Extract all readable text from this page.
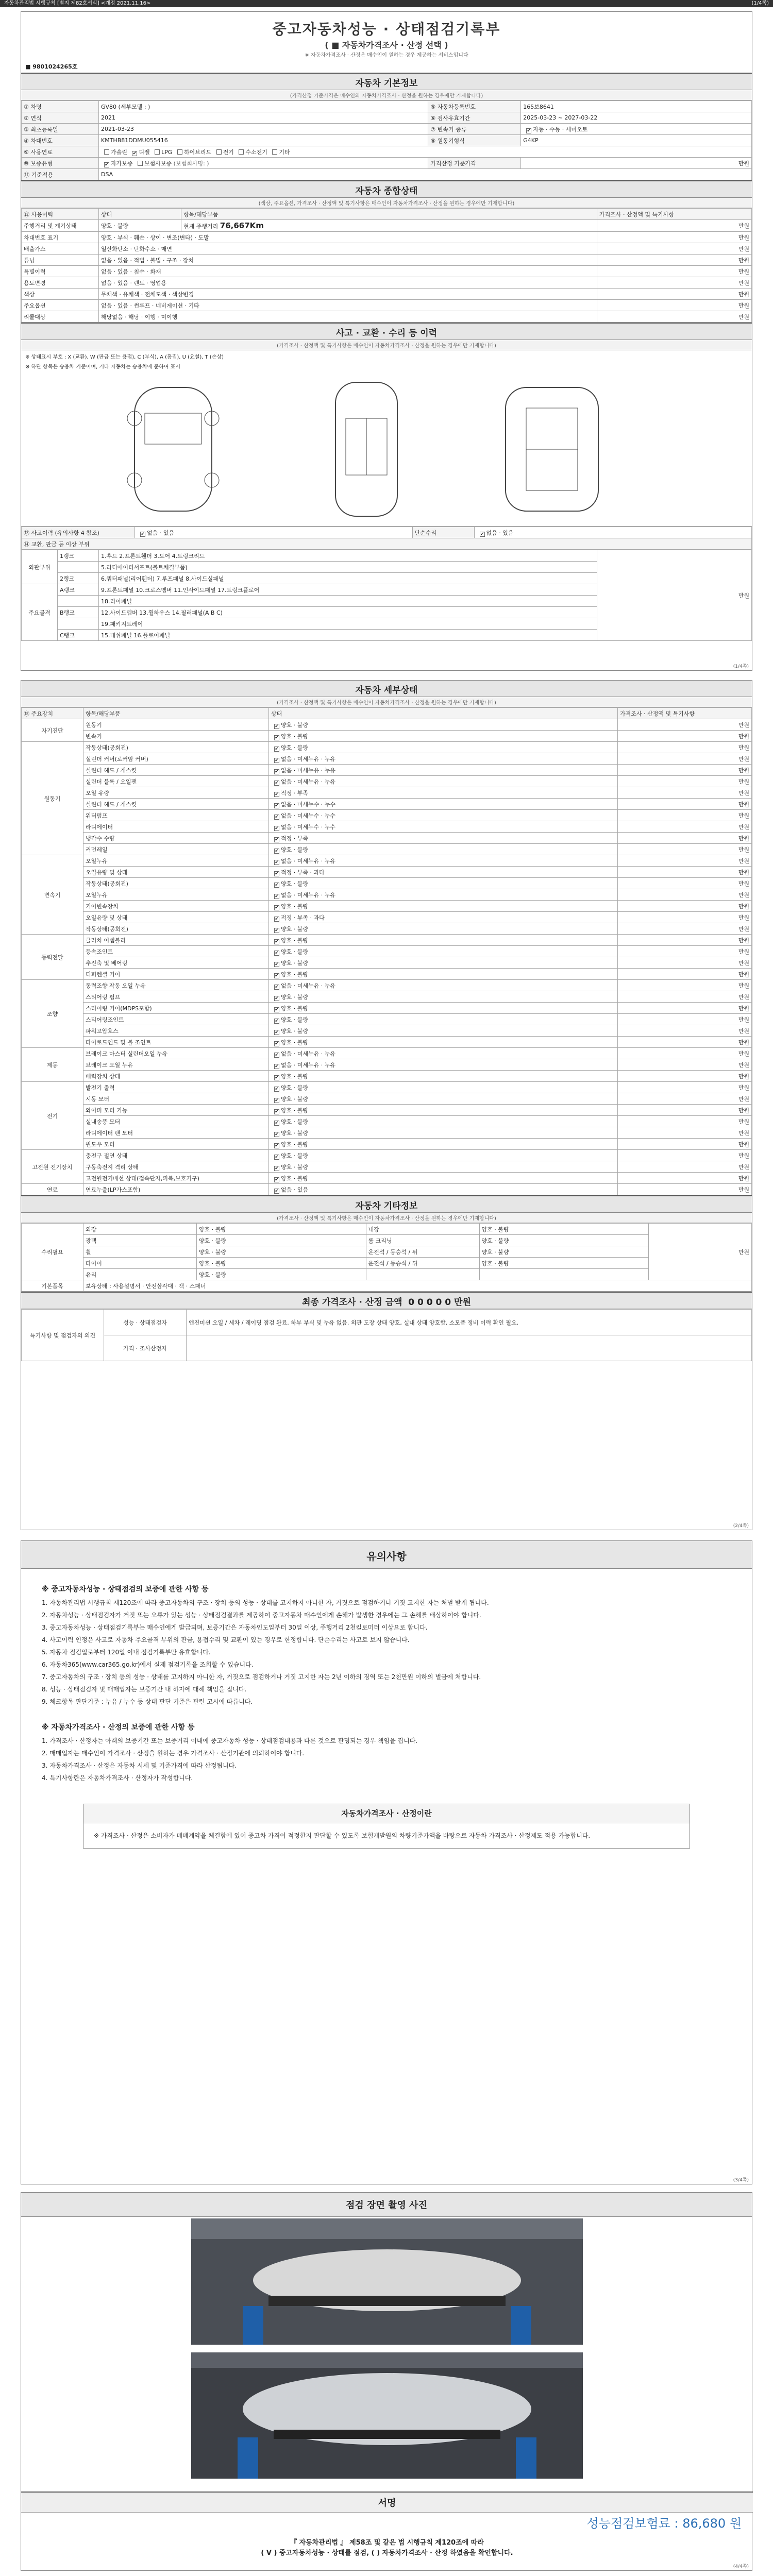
자동차관리법 시행규칙 [별지 제82호서식] <개정 2021.11.16>	(1/4쪽)
중고자동차성능 · 상태점검기록부
( ■ 자동차가격조사 · 산정 선택 )
※ 자동차가격조사 · 산정은 매수인이 원하는 경우 제공하는 서비스입니다
■ 9801024265호
자동차 기본정보
(가격산정 기준가격은 매수인의 자동차가격조사 · 산정을 원하는 경우에만 기재합니다)
① 차명	GV80 (세부모델 : )	⑤ 자동차등록번호	165보8641
② 연식	2021	⑥ 검사유효기간	2025-03-23 ~ 2027-03-22
③ 최초등록일	2021-03-23	⑦ 변속기 종류	✔자동 · 수동 · 세미오토
④ 차대번호	KMTHB81DDMU055416	⑧ 원동기형식	G4KP
⑨ 사용연료	가솔린 ✔ 디젤 LPG 하이브리드 전기 수소전기 기타
⑩ 보증유형	✔자가보증 보험사보증 (보험회사명: )	가격산정 기준가격	만원
⑪ 기준적용	DSA		
자동차 종합상태
(색상, 주요옵션, 가격조사 · 산정액 및 특기사항은 매수인이 자동차가격조사 · 산정을 원하는 경우에만 기재합니다)
⑫ 사용이력	상태	항목/해당부품	가격조사 · 산정액 및 특기사항
주행거리 및 계기상태	양호 · 불량	현재 주행거리 76,667Km	만원
차대번호 표기	양호 · 부식 · 훼손 · 상이 · 변조(변타) · 도말		만원
배출가스	일산화탄소 · 탄화수소 · 매연		만원
튜닝	없음 · 있음 · 적법 · 불법 · 구조 · 장치		만원
특별이력	없음 · 있음 · 침수 · 화재		만원
용도변경	없음 · 있음 · 렌트 · 영업용		만원
색상	무채색 · 유채색 · 전체도색 · 색상변경		만원
주요옵션	없음 · 있음 · 썬루프 · 네비게이션 · 기타		만원
리콜대상	해당없음 · 해당 · 이행 · 미이행		만원
사고 · 교환 · 수리 등 이력
(가격조사 · 산정액 및 특기사항은 매수인이 자동차가격조사 · 산정을 원하는 경우에만 기재합니다)
※ 상태표시 부호 : X (교환), W (판금 또는 용접), C (부식), A (흠집), U (요철), T (손상)
※ 하단 항목은 승용차 기준이며, 기타 자동차는 승용차에 준하여 표시
⑬ 사고이력 (유의사항 4 참조)	✔없음 · 있음	단순수리	✔없음 · 있음
⑭ 교환, 판금 등 이상 부위
외판부위	1랭크	1.후드 2.프론트휀더 3.도어 4.트렁크리드	만원
		5.라디에이터서포트(볼트체결부품)	
	2랭크	6.쿼터패널(리어휀더) 7.루프패널 8.사이드실패널	
주요골격	A랭크	9.프론트패널 10.크로스멤버 11.인사이드패널 17.트렁크플로어	
		18.리어패널	
	B랭크	12.사이드멤버 13.휠하우스 14.필러패널(A B C)	
		19.패키지트레이	
	C랭크	15.대쉬패널 16.플로어패널	
(1/4쪽)
자동차 세부상태
(가격조사 · 산정액 및 특기사항은 매수인이 자동차가격조사 · 산정을 원하는 경우에만 기재합니다)
⑮ 주요장치	항목/해당부품	상태	가격조사 · 산정액 및 특기사항
자기진단	원동기	✔양호 · 불량	만원
	변속기	✔양호 · 불량	만원
원동기	작동상태(공회전)	✔양호 · 불량	만원
	실린더 커버(로커암 커버)	✔없음 · 미세누유 · 누유	만원
	실린더 헤드 / 개스킷	✔없음 · 미세누유 · 누유	만원
	실린더 블록 / 오일팬	✔없음 · 미세누유 · 누유	만원
	오일 유량	✔적정 · 부족	만원
	실린더 헤드 / 개스킷	✔없음 · 미세누수 · 누수	만원
	워터펌프	✔없음 · 미세누수 · 누수	만원
	라디에이터	✔없음 · 미세누수 · 누수	만원
	냉각수 수량	✔적정 · 부족	만원
	커먼레일	✔양호 · 불량	만원
변속기	오일누유	✔없음 · 미세누유 · 누유	만원
	오일유량 및 상태	✔적정 · 부족 · 과다	만원
	작동상태(공회전)	✔양호 · 불량	만원
	오일누유	✔없음 · 미세누유 · 누유	만원
	기어변속장치	✔양호 · 불량	만원
	오일유량 및 상태	✔적정 · 부족 · 과다	만원
	작동상태(공회전)	✔양호 · 불량	만원
동력전달	클러치 어셈블리	✔양호 · 불량	만원
	등속조인트	✔양호 · 불량	만원
	추진축 및 베어링	✔양호 · 불량	만원
	디퍼렌셜 기어	✔양호 · 불량	만원
조향	동력조향 작동 오일 누유	✔없음 · 미세누유 · 누유	만원
	스티어링 펌프	✔양호 · 불량	만원
	스티어링 기어(MDPS포함)	✔양호 · 불량	만원
	스티어링조인트	✔양호 · 불량	만원
	파워고압호스	✔양호 · 불량	만원
	타이로드엔드 및 볼 조인트	✔양호 · 불량	만원
제동	브레이크 마스터 실린더오일 누유	✔없음 · 미세누유 · 누유	만원
	브레이크 오일 누유	✔없음 · 미세누유 · 누유	만원
	배력장치 상태	✔양호 · 불량	만원
전기	발전기 출력	✔양호 · 불량	만원
	시동 모터	✔양호 · 불량	만원
	와이퍼 모터 기능	✔양호 · 불량	만원
	실내송풍 모터	✔양호 · 불량	만원
	라디에이터 팬 모터	✔양호 · 불량	만원
	윈도우 모터	✔양호 · 불량	만원
고전원 전기장치	충전구 절연 상태	✔양호 · 불량	만원
	구동축전지 격리 상태	✔양호 · 불량	만원
	고전원전기배선 상태(접속단자,피복,보호기구)	✔양호 · 불량	만원
연료	연료누출(LP가스포함)	✔없음 · 있음	만원
자동차 기타정보
(가격조사 · 산정액 및 특기사항은 매수인이 자동차가격조사 · 산정을 원하는 경우에만 기재합니다)
수리필요	외장	양호 · 불량	내장	양호 · 불량	만원
	광택	양호 · 불량	룸 크리닝	양호 · 불량	
	휠	양호 · 불량	운전석 / 동승석 / 뒤	양호 · 불량	
	타이어	양호 · 불량	운전석 / 동승석 / 뒤	양호 · 불량	
	유리	양호 · 불량			
기본품목	보유상태 : 사용설명서 · 안전삼각대 · 잭 · 스패너				
최종 가격조사 · 산정 금액 0 0 0 0 0 만원
특기사항 및 점검자의 의견	성능 · 상태점검자	엔진미션 오일 / 세차 / 레이딩 점검 완료. 하부 부식 및 누유 없음. 외관 도장 상태 양호, 실내 상태 양호함. 소모품 정비 이력 확인 필요.
	가격 · 조사산정자	
(2/4쪽)
유의사항
※ 중고자동차성능 · 상태점검의 보증에 관한 사항 등

1. 자동차관리법 시행규칙 제120조에 따라 중고자동차의 구조 · 장치 등의 성능 · 상태를 고지하지 아니한 자, 거짓으로 점검하거나 거짓 고지한 자는 처벌 받게 됩니다.

2. 자동차성능 · 상태점검자가 거짓 또는 오류가 있는 성능 · 상태점검결과를 제공하여 중고자동차 매수인에게 손해가 발생한 경우에는 그 손해를 배상하여야 합니다.

3. 중고자동차성능 · 상태점검기록부는 매수인에게 발급되며, 보증기간은 자동차인도일부터 30일 이상, 주행거리 2천킬로미터 이상으로 합니다.

4. 사고이력 인정은 사고로 자동차 주요골격 부위의 판금, 용접수리 및 교환이 있는 경우로 한정합니다. 단순수리는 사고로 보지 않습니다.

5. 자동차 점검일로부터 120일 이내 점검기록부만 유효합니다.

6. 자동차365(www.car365.go.kr)에서 실제 점검기록을 조회할 수 있습니다.

7. 중고자동차의 구조 · 장치 등의 성능 · 상태를 고지하지 아니한 자, 거짓으로 점검하거나 거짓 고지한 자는 2년 이하의 징역 또는 2천만원 이하의 벌금에 처합니다.

8. 성능 · 상태점검자 및 매매업자는 보증기간 내 하자에 대해 책임을 집니다.

9. 체크항목 판단기준 : 누유 / 누수 등 상태 판단 기준은 관련 고시에 따릅니다.

※ 자동차가격조사 · 산정의 보증에 관한 사항 등

1. 가격조사 · 산정자는 아래의 보증기간 또는 보증거리 이내에 중고자동차 성능 · 상태점검내용과 다른 것으로 판명되는 경우 책임을 집니다.

2. 매매업자는 매수인이 가격조사 · 산정을 원하는 경우 가격조사 · 산정기관에 의뢰하여야 합니다.

3. 자동차가격조사 · 산정은 자동차 시세 및 기준가격에 따라 산정됩니다.

4. 특기사항란은 자동차가격조사 · 산정자가 작성합니다.

자동차가격조사 · 산정이란
※ 가격조사 · 산정은 소비자가 매매계약을 체결함에 있어 중고차 가격이 적정한지 판단할 수 있도록 보험개발원의 차량기준가액을 바탕으로 자동차 가격조사 · 산정제도 적용 가능합니다.
(3/4쪽)
점검 장면 촬영 사진
서명
성능점검보험료 : 86,680 원
『 자동차관리법 』 제58조 및 같은 법 시행규칙 제120조에 따라
( V ) 중고자동차성능 · 상태를 점검, ( ) 자동차가격조사 · 산정 하였음을 확인합니다.
(4/4쪽)
